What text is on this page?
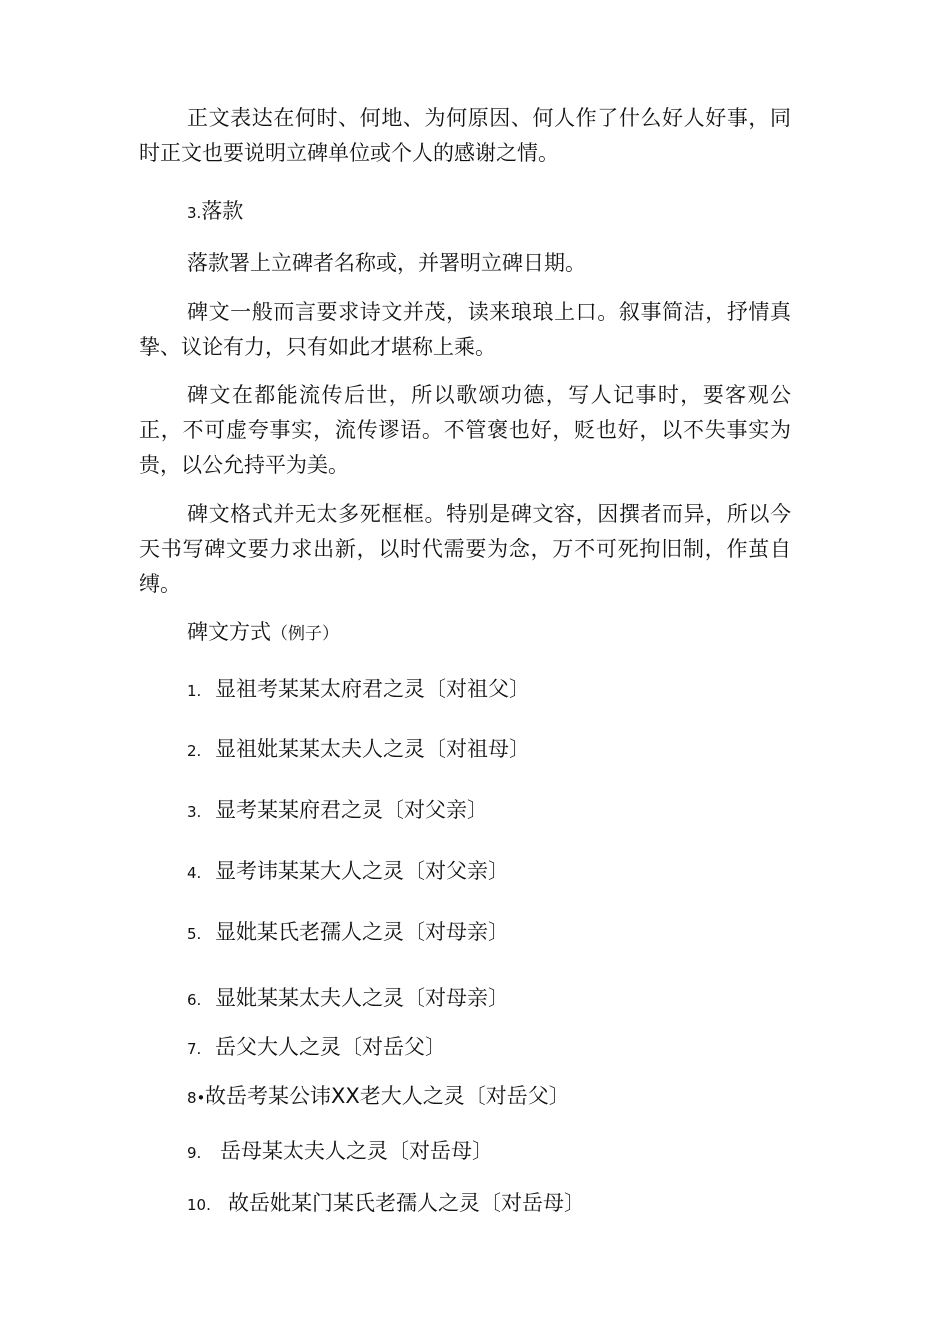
正文表达在何时、何地、为何原因、何人作了什么好人好事，同时正文也要说明立碑单位或个人的感谢之情。

3.落款

落款署上立碑者名称或，并署明立碑日期。

碑文一般而言要求诗文并茂，读来琅琅上口。叙事简洁，抒情真挚、议论有力，只有如此才堪称上乘。

碑文在都能流传后世，所以歌颂功德，写人记事时，要客观公正，不可虚夸事实，流传谬语。不管褒也好，贬也好，以不失事实为贵，以公允持平为美。

碑文格式并无太多死框框。特别是碑文容，因撰者而异，所以今天书写碑文要力求出新，以时代需要为念，万不可死拘旧制，作茧自缚。

碑文方式（例子）

1. 显祖考某某太府君之灵〔对祖父〕

2. 显祖妣某某太夫人之灵〔对祖母〕

3. 显考某某府君之灵〔对父亲〕

4. 显考讳某某大人之灵〔对父亲〕

5. 显妣某氏老孺人之灵〔对母亲〕

6. 显妣某某太夫人之灵〔对母亲〕

7. 岳父大人之灵〔对岳父〕

8•故岳考某公讳XX老大人之灵〔对岳父〕

9. 岳母某太夫人之灵〔对岳母〕

10. 故岳妣某门某氏老孺人之灵〔对岳母〕
